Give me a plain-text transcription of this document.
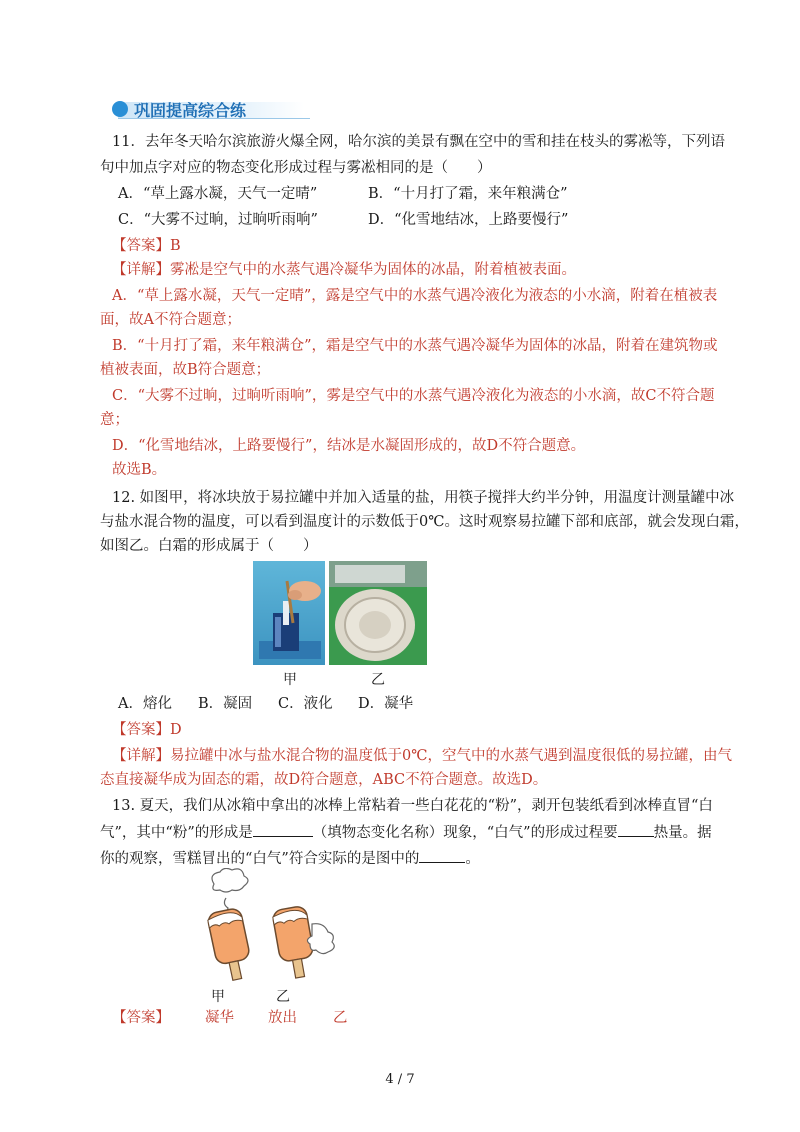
巩固提高综合练
11．去年冬天哈尔滨旅游火爆全网，哈尔滨的美景有飘在空中的雪和挂在枝头的雾凇等，下列语
句中加点字对应的物态变化形成过程与雾凇相同的是（　　）
A．“草上露水凝，天气一定晴”	B．“十月打了霜，来年粮满仓”
C．“大雾不过晌，过晌听雨响”	D．“化雪地结冰，上路要慢行”
【答案】B
【详解】雾凇是空气中的水蒸气遇冷凝华为固体的冰晶，附着植被表面。
A．“草上露水凝，天气一定晴”，露是空气中的水蒸气遇冷液化为液态的小水滴，附着在植被表
面，故A不符合题意；
B．“十月打了霜，来年粮满仓”，霜是空气中的水蒸气遇冷凝华为固体的冰晶，附着在建筑物或
植被表面，故B符合题意；
C．“大雾不过晌，过晌听雨响”，雾是空气中的水蒸气遇冷液化为液态的小水滴，故C不符合题
意；
D．“化雪地结冰，上路要慢行”，结冰是水凝固形成的，故D不符合题意。
故选B。
12. 如图甲，将冰块放于易拉罐中并加入适量的盐，用筷子搅拌大约半分钟，用温度计测量罐中冰
与盐水混合物的温度，可以看到温度计的示数低于0℃。这时观察易拉罐下部和底部，就会发现白霜，
如图乙。白霜的形成属于（　　）
甲	乙
A．熔化 B．凝固 C．液化 D．凝华
【答案】D
【详解】易拉罐中冰与盐水混合物的温度低于0℃，空气中的水蒸气遇到温度很低的易拉罐，由气
态直接凝华成为固态的霜，故D符合题意，ABC不符合题意。故选D。
13. 夏天，我们从冰箱中拿出的冰棒上常粘着一些白花花的“粉”，剥开包装纸看到冰棒直冒“白
气”，其中“粉”的形成是	（填物态变化名称）现象，“白气”的形成过程要 热量。据
你的观察，雪糕冒出的“白气”符合实际的是图中的	。
甲	乙
【答案】 凝华 放出 乙
4 / 7
